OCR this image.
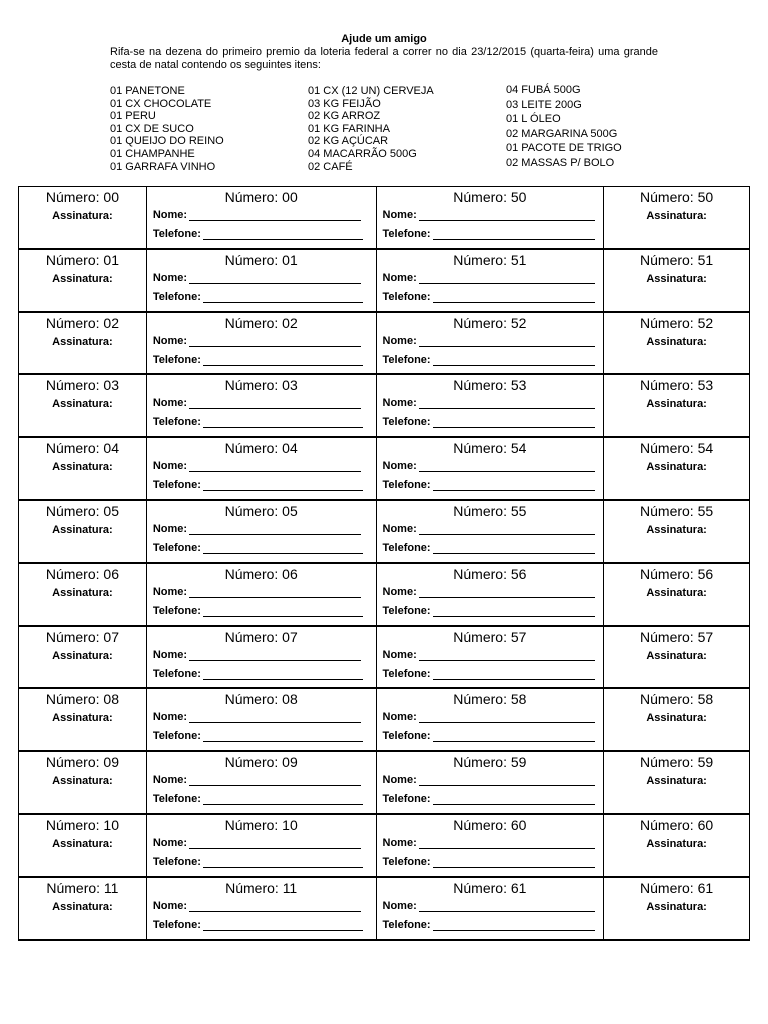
Ajude um amigo
Rifa-se na dezena do primeiro premio da loteria federal a correr no dia 23/12/2015 (quarta-feira) uma grande cesta de natal contendo os seguintes itens:
01 PANETONE
01 CX CHOCOLATE
01 PERU
01 CX DE SUCO
01 QUEIJO DO REINO
01 CHAMPANHE
01 GARRAFA VINHO
01 CX (12 UN) CERVEJA
03 KG FEIJÃO
02 KG ARROZ
01 KG FARINHA
02 KG AÇÚCAR
04 MACARRÃO 500G
02 CAFÉ
04 FUBÁ 500G
03 LEITE 200G
01 L ÓLEO
02 MARGARINA 500G
01 PACOTE DE TRIGO
02 MASSAS P/ BOLO
Número: 00
Assinatura:
Número: 00
Nome:
Telefone:
Número: 50
Nome:
Telefone:
Número: 50
Assinatura:
Número: 01
Assinatura:
Número: 01
Nome:
Telefone:
Número: 51
Nome:
Telefone:
Número: 51
Assinatura:
Número: 02
Assinatura:
Número: 02
Nome:
Telefone:
Número: 52
Nome:
Telefone:
Número: 52
Assinatura:
Número: 03
Assinatura:
Número: 03
Nome:
Telefone:
Número: 53
Nome:
Telefone:
Número: 53
Assinatura:
Número: 04
Assinatura:
Número: 04
Nome:
Telefone:
Número: 54
Nome:
Telefone:
Número: 54
Assinatura:
Número: 05
Assinatura:
Número: 05
Nome:
Telefone:
Número: 55
Nome:
Telefone:
Número: 55
Assinatura:
Número: 06
Assinatura:
Número: 06
Nome:
Telefone:
Número: 56
Nome:
Telefone:
Número: 56
Assinatura:
Número: 07
Assinatura:
Número: 07
Nome:
Telefone:
Número: 57
Nome:
Telefone:
Número: 57
Assinatura:
Número: 08
Assinatura:
Número: 08
Nome:
Telefone:
Número: 58
Nome:
Telefone:
Número: 58
Assinatura:
Número: 09
Assinatura:
Número: 09
Nome:
Telefone:
Número: 59
Nome:
Telefone:
Número: 59
Assinatura:
Número: 10
Assinatura:
Número: 10
Nome:
Telefone:
Número: 60
Nome:
Telefone:
Número: 60
Assinatura:
Número: 11
Assinatura:
Número: 11
Nome:
Telefone:
Número: 61
Nome:
Telefone:
Número: 61
Assinatura:
